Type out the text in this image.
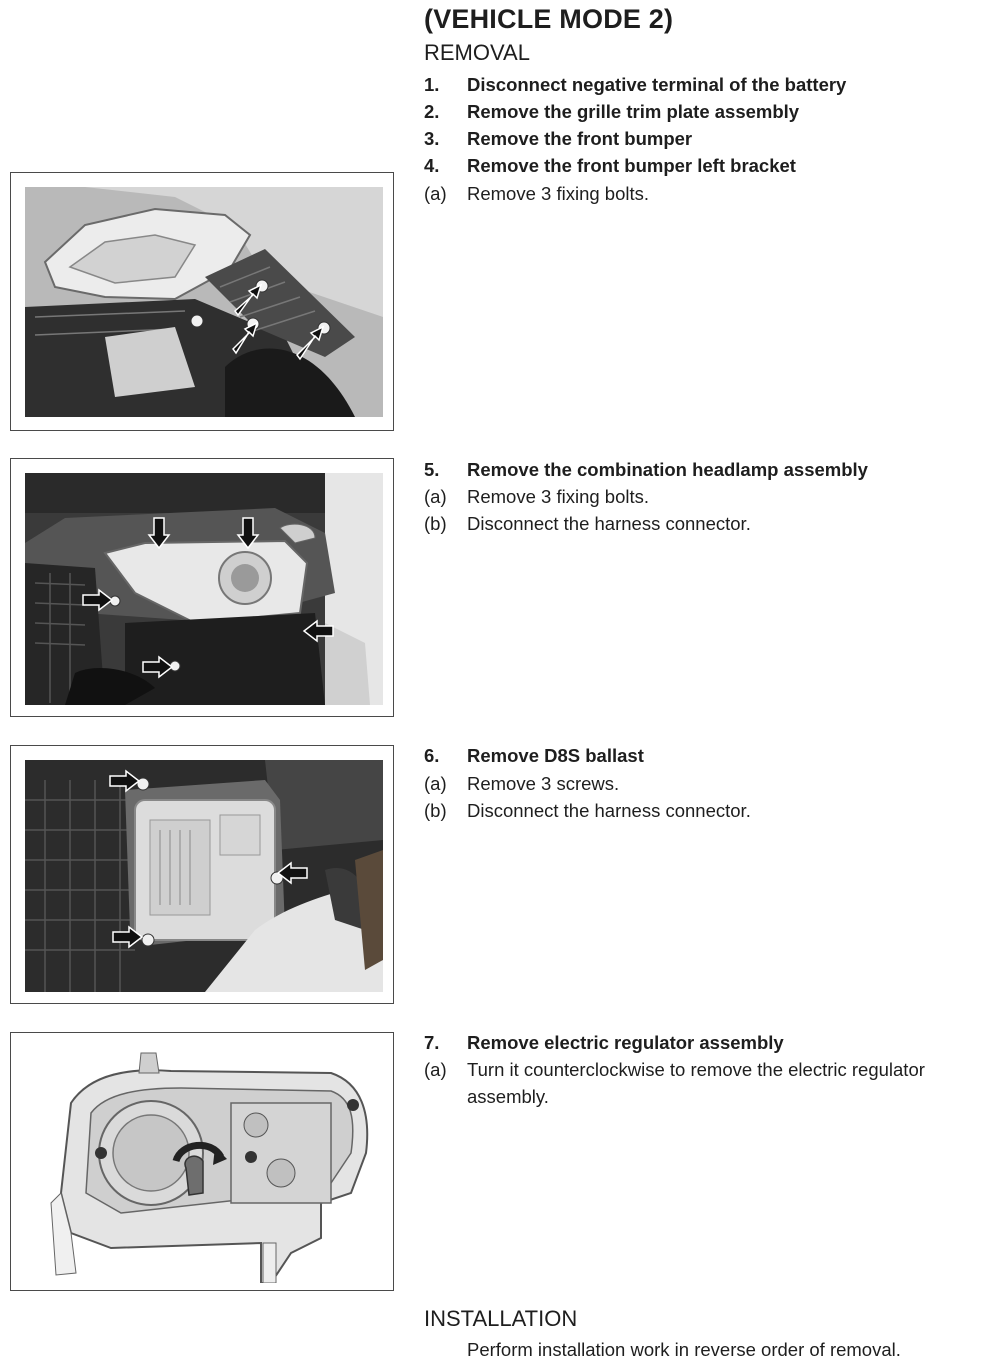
(VEHICLE MODE 2)
REMOVAL
1. Disconnect negative terminal of the battery
2. Remove the grille trim plate assembly
3. Remove the front bumper
4. Remove the front bumper left bracket
(a) Remove 3 fixing bolts.
5. Remove the combination headlamp assembly
(a) Remove 3 fixing bolts.
(b) Disconnect the harness connector.
6. Remove D8S ballast
(a) Remove 3 screws.
(b) Disconnect the harness connector.
7. Remove electric regulator assembly
(a) Turn it counterclockwise to remove the electric regulator assembly.
INSTALLATION
Perform installation work in reverse order of removal.
